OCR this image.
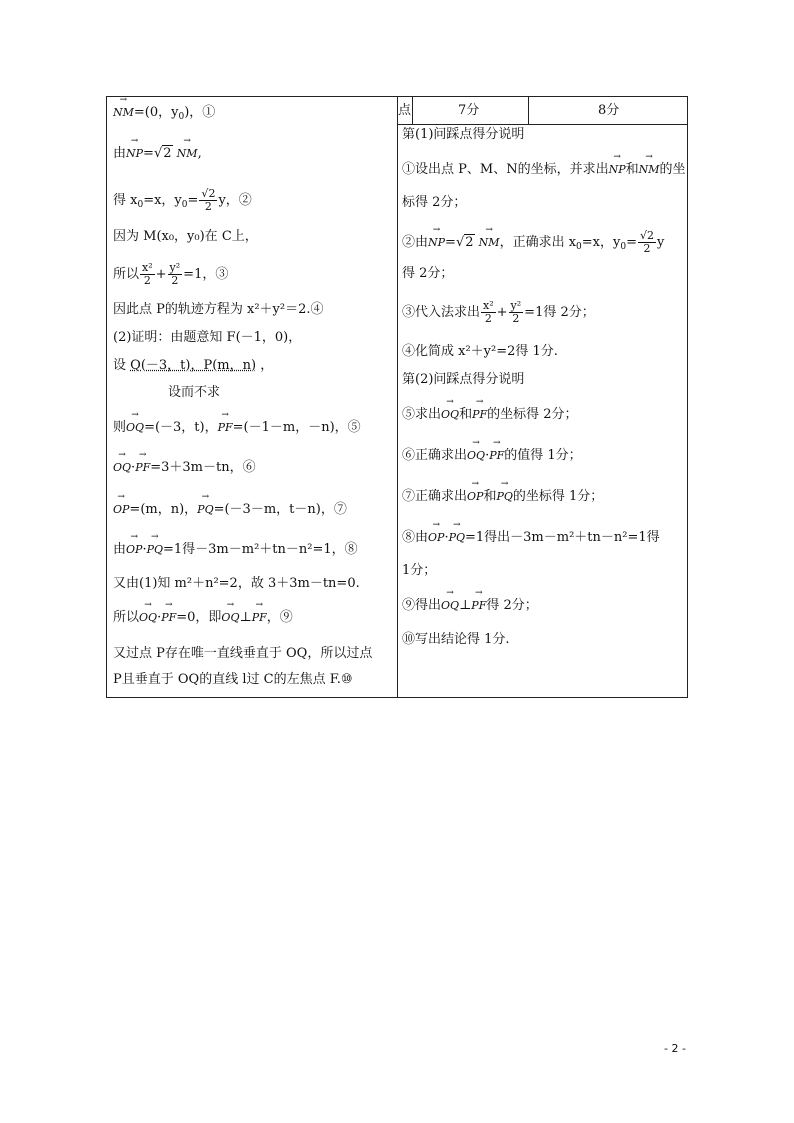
点	7分	8分
→ NM=(0，$y_0$)，①
由→ NP=√2 → NM,
得 $x_0=x$，$y_0= \frac{√2}{2}$ y，②
因为 M(x₀，y₀)在 C上，
所以 $\frac{\text{x²}}{2} + \frac{\text{y²}}{2} =1$，③
因此点 P的轨迹方程为 x²＋y²＝2.④
(2)证明：由题意知 F(－1，0)，
设 Q(－3，t)，P(m，n) ，
设而不求
则→ OQ=(－3，t)，→ PF=(－1－m，－n)，⑤
→ OQ·→ PF=3＋3m－tn，⑥
→ OP=(m，n)，→ PQ=(－3－m，t－n)，⑦
由→ OP·→ PQ=1得－3m－m²＋tn－n²=1，⑧
又由(1)知 m²＋n²=2，故 3＋3m－tn=0.
所以→ OQ·→ PF=0，即→ OQ⊥→ PF，⑨
又过点 P存在唯一直线垂直于 OQ，所以过点
P且垂直于 OQ的直线 l过 C的左焦点 F.⑩
第(1)问踩点得分说明
①设出点 P、M、N的坐标，并求出→ NP和→ NM的坐
标得 2分；
②由→ NP=√2 → NM，正确求出 $x_0=x$，$y_0= \frac{√2}{2}$ y
得 2分；
③代入法求出 $\frac{\text{x²}}{2} + \frac{\text{y²}}{2} =1$得 2分；
④化简成 x²＋y²=2得 1分.
第(2)问踩点得分说明
⑤求出→ OQ和→ PF的坐标得 2分；
⑥正确求出→ OQ·→ PF的值得 1分；
⑦正确求出→ OP和→ PQ的坐标得 1分；
⑧由→ OP·→ PQ=1得出－3m－m²＋tn－n²=1得
1分；
⑨得出→ OQ⊥→ PF得 2分；
⑩写出结论得 1分.
- 2 -
